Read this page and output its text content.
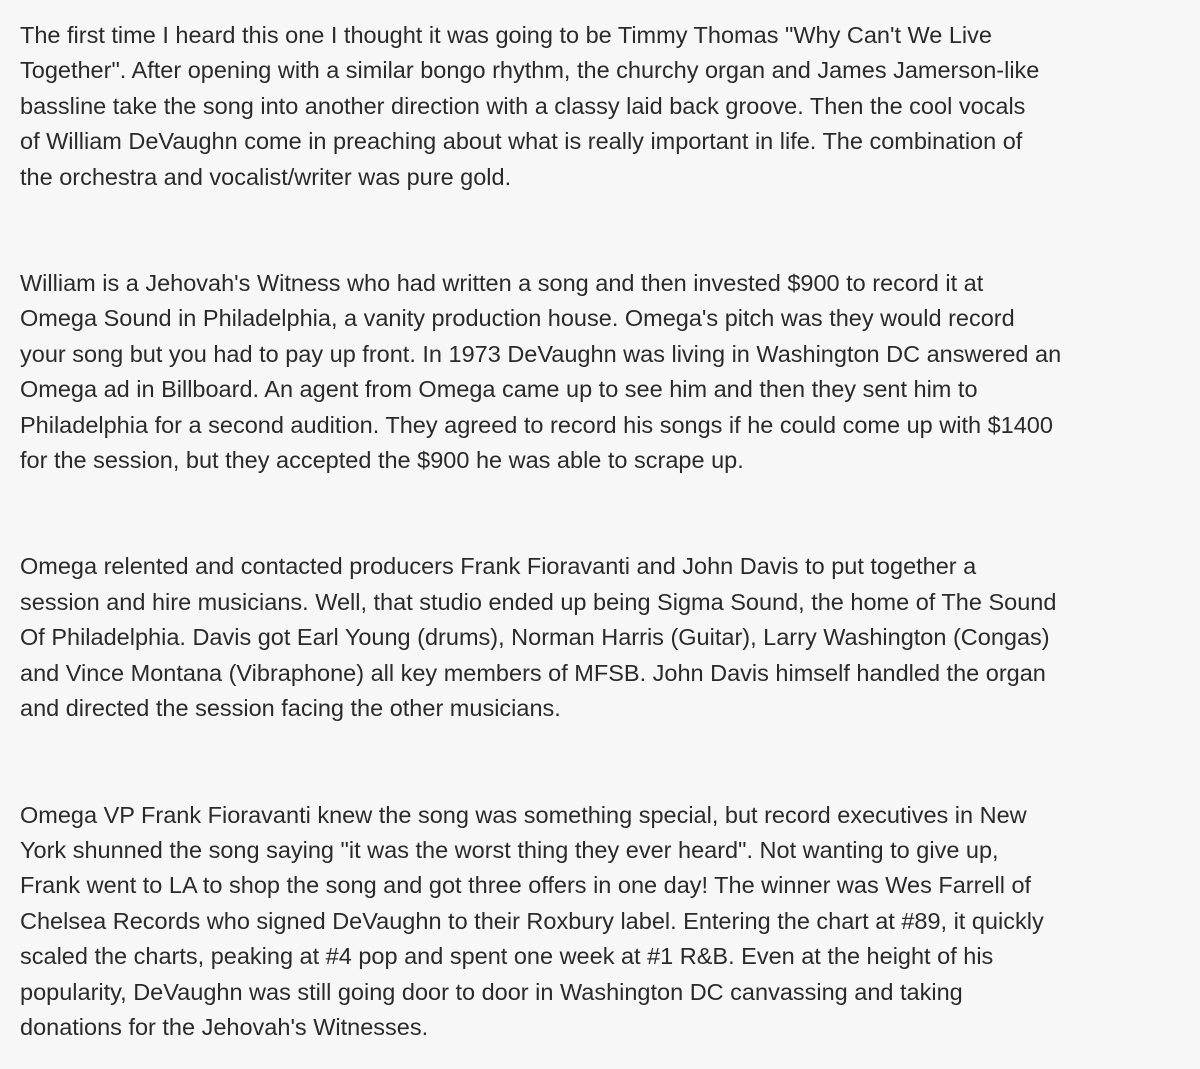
The first time I heard this one I thought it was going to be Timmy Thomas "Why Can't We Live
Together". After opening with a similar bongo rhythm, the churchy organ and James Jamerson-like
bassline take the song into another direction with a classy laid back groove. Then the cool vocals
of William DeVaughn come in preaching about what is really important in life. The combination of
the orchestra and vocalist/writer was pure gold.

William is a Jehovah's Witness who had written a song and then invested $900 to record it at
Omega Sound in Philadelphia, a vanity production house. Omega's pitch was they would record
your song but you had to pay up front. In 1973 DeVaughn was living in Washington DC answered an
Omega ad in Billboard. An agent from Omega came up to see him and then they sent him to
Philadelphia for a second audition. They agreed to record his songs if he could come up with $1400
for the session, but they accepted the $900 he was able to scrape up.

Omega relented and contacted producers Frank Fioravanti and John Davis to put together a
session and hire musicians. Well, that studio ended up being Sigma Sound, the home of The Sound
Of Philadelphia. Davis got Earl Young (drums), Norman Harris (Guitar), Larry Washington (Congas)
and Vince Montana (Vibraphone) all key members of MFSB. John Davis himself handled the organ
and directed the session facing the other musicians.

Omega VP Frank Fioravanti knew the song was something special, but record executives in New
York shunned the song saying "it was the worst thing they ever heard". Not wanting to give up,
Frank went to LA to shop the song and got three offers in one day! The winner was Wes Farrell of
Chelsea Records who signed DeVaughn to their Roxbury label. Entering the chart at #89, it quickly
scaled the charts, peaking at #4 pop and spent one week at #1 R&B. Even at the height of his
popularity, DeVaughn was still going door to door in Washington DC canvassing and taking
donations for the Jehovah's Witnesses.
